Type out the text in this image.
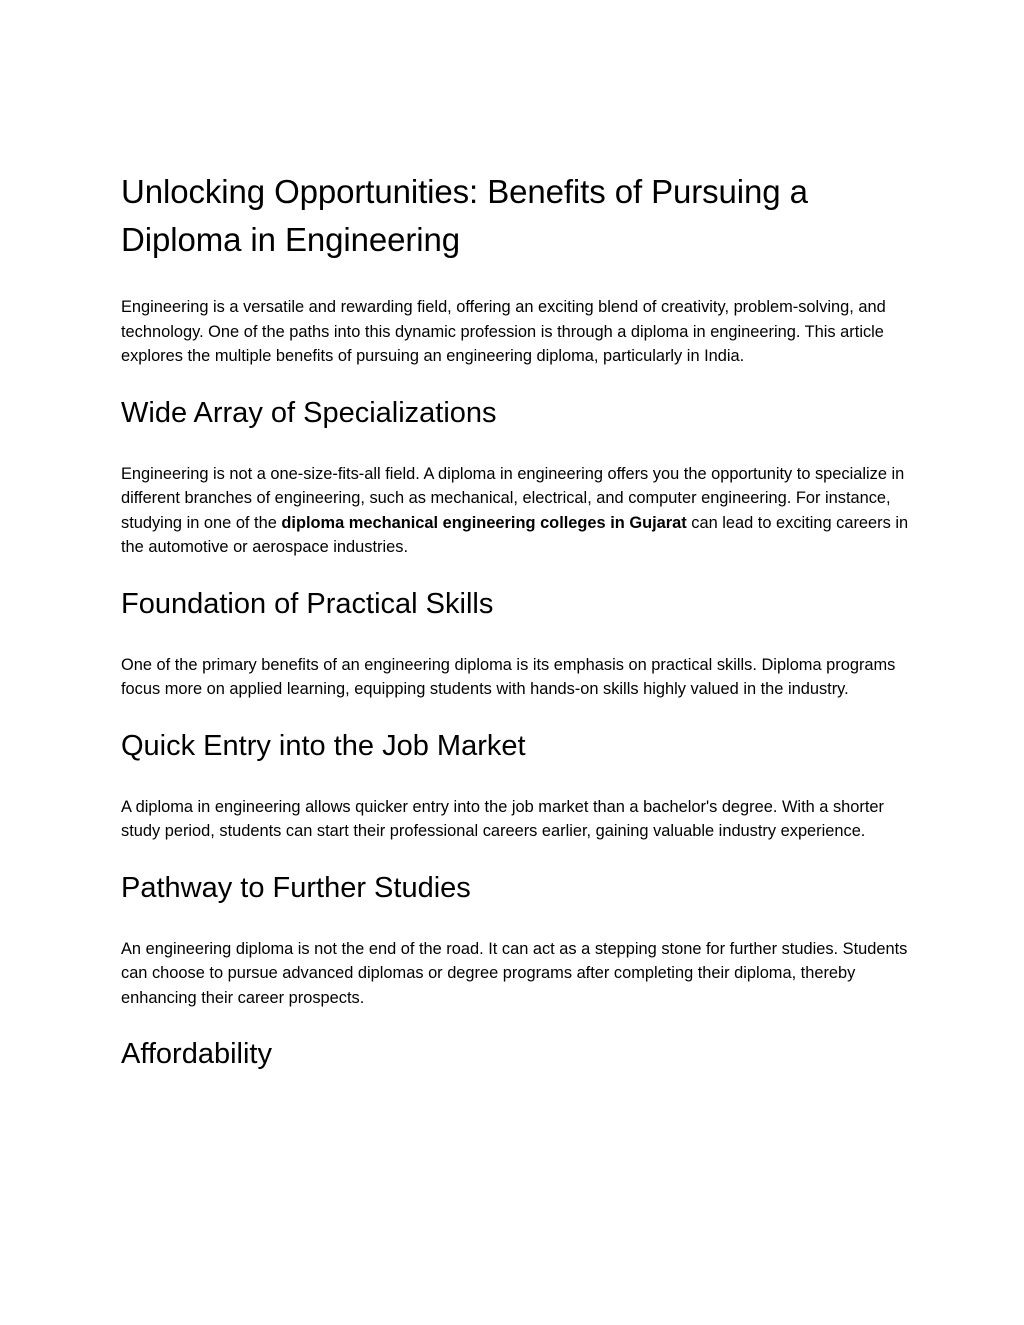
Unlocking Opportunities: Benefits of Pursuing a Diploma in Engineering

Engineering is a versatile and rewarding field, offering an exciting blend of creativity, problem-solving, and technology. One of the paths into this dynamic profession is through a diploma in engineering. This article explores the multiple benefits of pursuing an engineering diploma, particularly in India.

Wide Array of Specializations

Engineering is not a one-size-fits-all field. A diploma in engineering offers you the opportunity to specialize in different branches of engineering, such as mechanical, electrical, and computer engineering. For instance, studying in one of the diploma mechanical engineering colleges in Gujarat can lead to exciting careers in the automotive or aerospace industries.

Foundation of Practical Skills

One of the primary benefits of an engineering diploma is its emphasis on practical skills. Diploma programs focus more on applied learning, equipping students with hands-on skills highly valued in the industry.

Quick Entry into the Job Market

A diploma in engineering allows quicker entry into the job market than a bachelor's degree. With a shorter study period, students can start their professional careers earlier, gaining valuable industry experience.

Pathway to Further Studies

An engineering diploma is not the end of the road. It can act as a stepping stone for further studies. Students can choose to pursue advanced diplomas or degree programs after completing their diploma, thereby enhancing their career prospects.

Affordability
